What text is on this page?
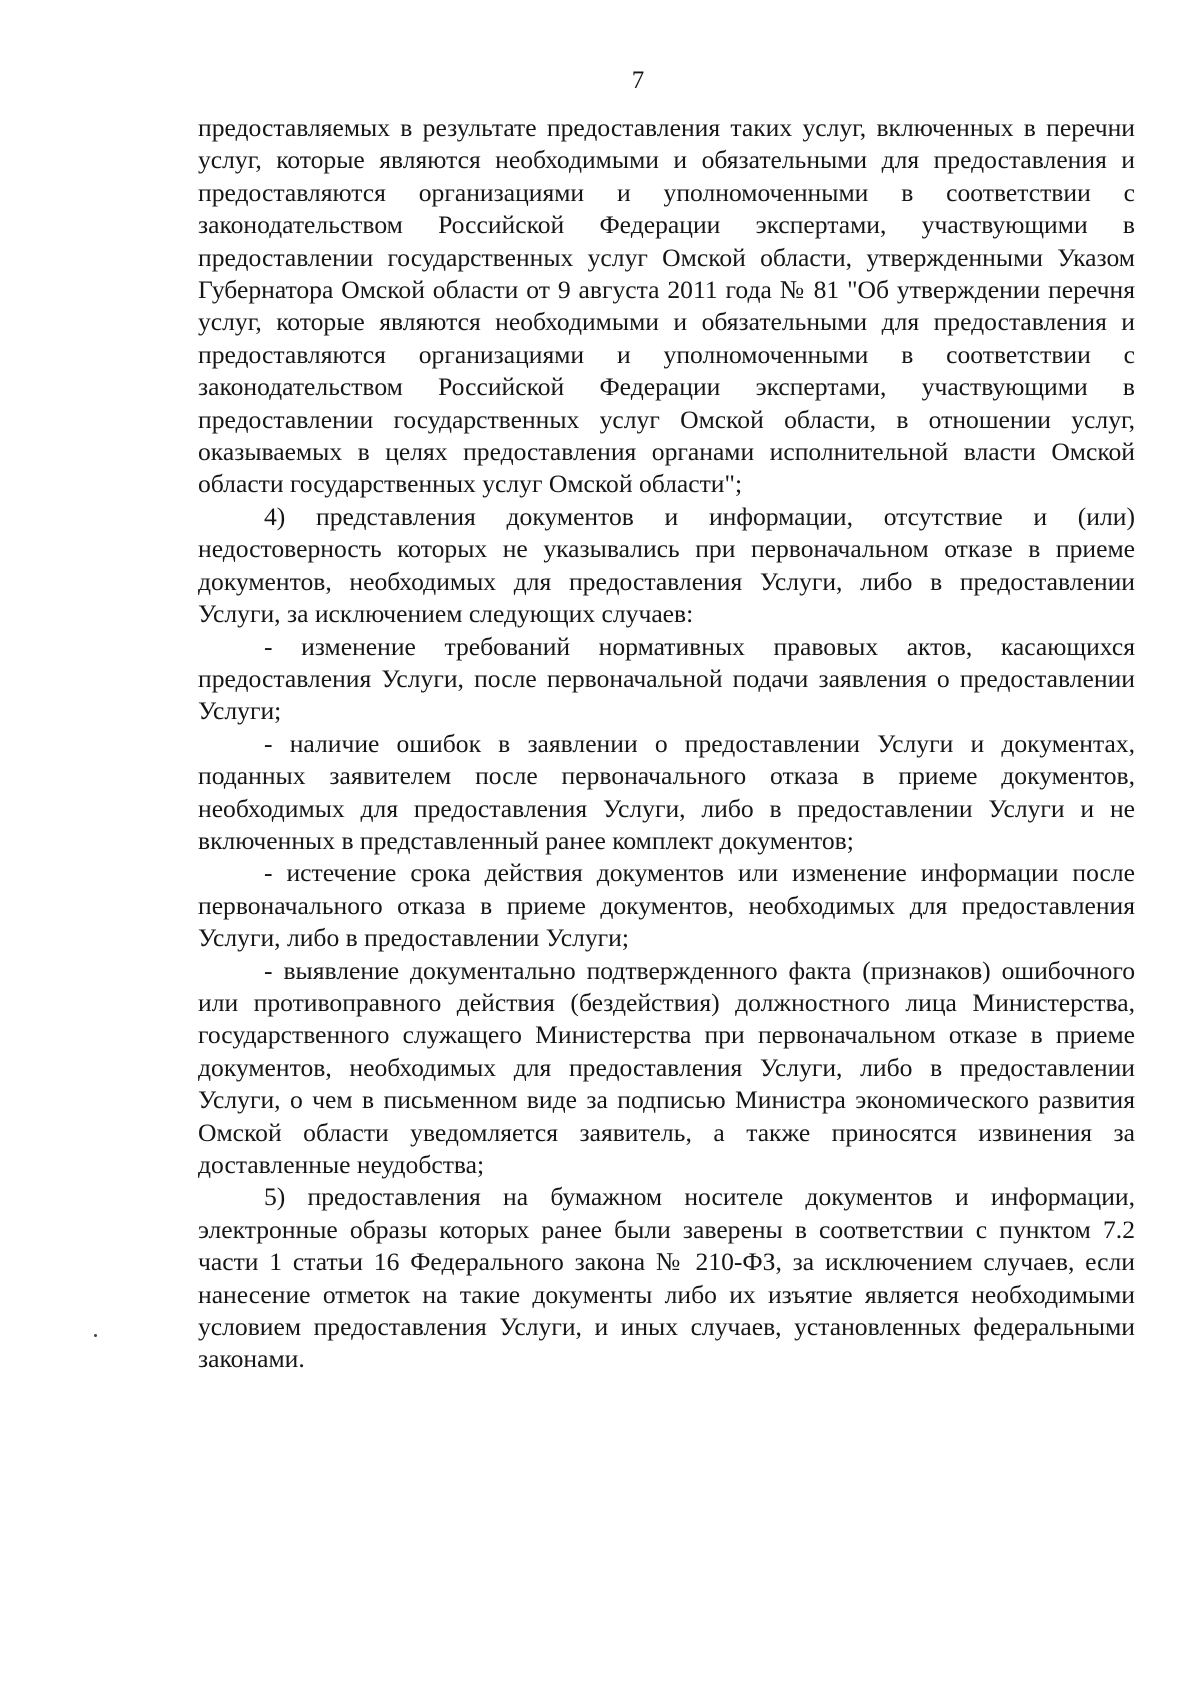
7

предоставляемых в результате предоставления таких услуг, включенных в перечни услуг, которые являются необходимыми и обязательными для предоставления и предоставляются организациями и уполномоченными в соответствии с законодательством Российской Федерации экспертами, участвующими в предоставлении государственных услуг Омской области, утвержденными Указом Губернатора Омской области от 9 августа 2011 года № 81 "Об утверждении перечня услуг, которые являются необходимыми и обязательными для предоставления и предоставляются организациями и уполномоченными в соответствии с законодательством Российской Федерации экспертами, участвующими в предоставлении государственных услуг Омской области, в отношении услуг, оказываемых в целях предоставления органами исполнительной власти Омской области государственных услуг Омской области";

4) представления документов и информации, отсутствие и (или) недостоверность которых не указывались при первоначальном отказе в приеме документов, необходимых для предоставления Услуги, либо в предоставлении Услуги, за исключением следующих случаев:

- изменение требований нормативных правовых актов, касающихся предоставления Услуги, после первоначальной подачи заявления о предоставлении Услуги;

- наличие ошибок в заявлении о предоставлении Услуги и документах, поданных заявителем после первоначального отказа в приеме документов, необходимых для предоставления Услуги, либо в предоставлении Услуги и не включенных в представленный ранее комплект документов;

- истечение срока действия документов или изменение информации после первоначального отказа в приеме документов, необходимых для предоставления Услуги, либо в предоставлении Услуги;

- выявление документально подтвержденного факта (признаков) ошибочного или противоправного действия (бездействия) должностного лица Министерства, государственного служащего Министерства при первоначальном отказе в приеме документов, необходимых для предоставления Услуги, либо в предоставлении Услуги, о чем в письменном виде за подписью Министра экономического развития Омской области уведомляется заявитель, а также приносятся извинения за доставленные неудобства;

5) предоставления на бумажном носителе документов и информации, электронные образы которых ранее были заверены в соответствии с пунктом 7.2 части 1 статьи 16 Федерального закона № 210-ФЗ, за исключением случаев, если нанесение отметок на такие документы либо их изъятие является необходимыми условием предоставления Услуги, и иных случаев, установленных федеральными законами.
